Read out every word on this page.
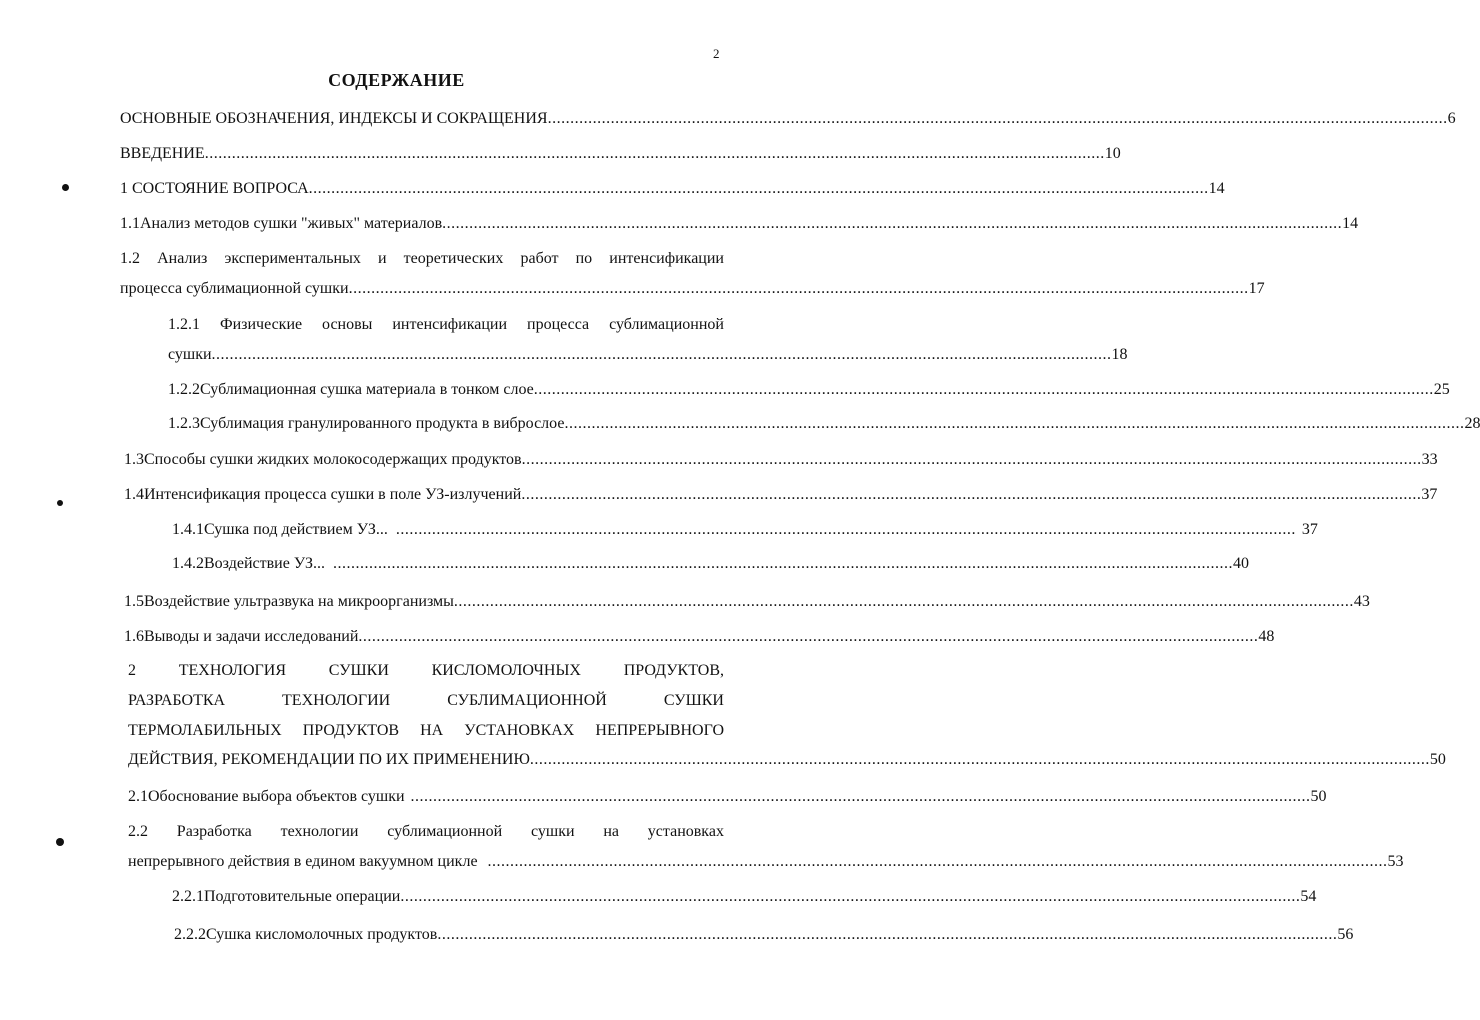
2
СОДЕРЖАНИЕ
ОСНОВНЫЕ ОБОЗНАЧЕНИЯ, ИНДЕКСЫ И СОКРАЩЕНИЯ ........................................................................................................................................................................................................ 6
ВВЕДЕНИЕ ........................................................................................................................................................................................................ 10
1 СОСТОЯНИЕ ВОПРОСА ........................................................................................................................................................................................................ 14
1.1 Анализ методов сушки "живых" материалов ........................................................................................................................................................................................................ 14
1.2 Анализ экспериментальных и теоретических работ по интенсификации
процесса сублимационной сушки ........................................................................................................................................................................................................ 17
1.2.1 Физические основы интенсификации процесса сублимационной
сушки ........................................................................................................................................................................................................ 18
1.2.2 Сублимационная сушка материала в тонком слое ........................................................................................................................................................................................................ 25
1.2.3 Сублимация гранулированного продукта в виброслое ........................................................................................................................................................................................................ 28
1.3 Способы сушки жидких молокосодержащих продуктов ........................................................................................................................................................................................................ 33
1.4 Интенсификация процесса сушки в поле УЗ-излучений ........................................................................................................................................................................................................ 37
1.4.1 Сушка под действием УЗ... ........................................................................................................................................................................................................ 37
1.4.2 Воздействие УЗ... ........................................................................................................................................................................................................ 40
1.5 Воздействие ультразвука на микроорганизмы ........................................................................................................................................................................................................ 43
1.6 Выводы и задачи исследований ........................................................................................................................................................................................................ 48
2	ТЕХНОЛОГИЯ	СУШКИ	КИСЛОМОЛОЧНЫХ	ПРОДУКТОВ,
РАЗРАБОТКА	ТЕХНОЛОГИИ	СУБЛИМАЦИОННОЙ	СУШКИ
ТЕРМОЛАБИЛЬНЫХ ПРОДУКТОВ НА УСТАНОВКАХ НЕПРЕРЫВНОГО
ДЕЙСТВИЯ, РЕКОМЕНДАЦИИ ПО ИХ ПРИМЕНЕНИЮ ........................................................................................................................................................................................................ 50
2.1 Обоснование выбора объектов сушки ........................................................................................................................................................................................................ 50
2.2 Разработка технологии сублимационной сушки на установках
непрерывного действия в едином вакуумном цикле ........................................................................................................................................................................................................ 53
2.2.1 Подготовительные операции ........................................................................................................................................................................................................ 54
2.2.2 Сушка кисломолочных продуктов ........................................................................................................................................................................................................ 56
